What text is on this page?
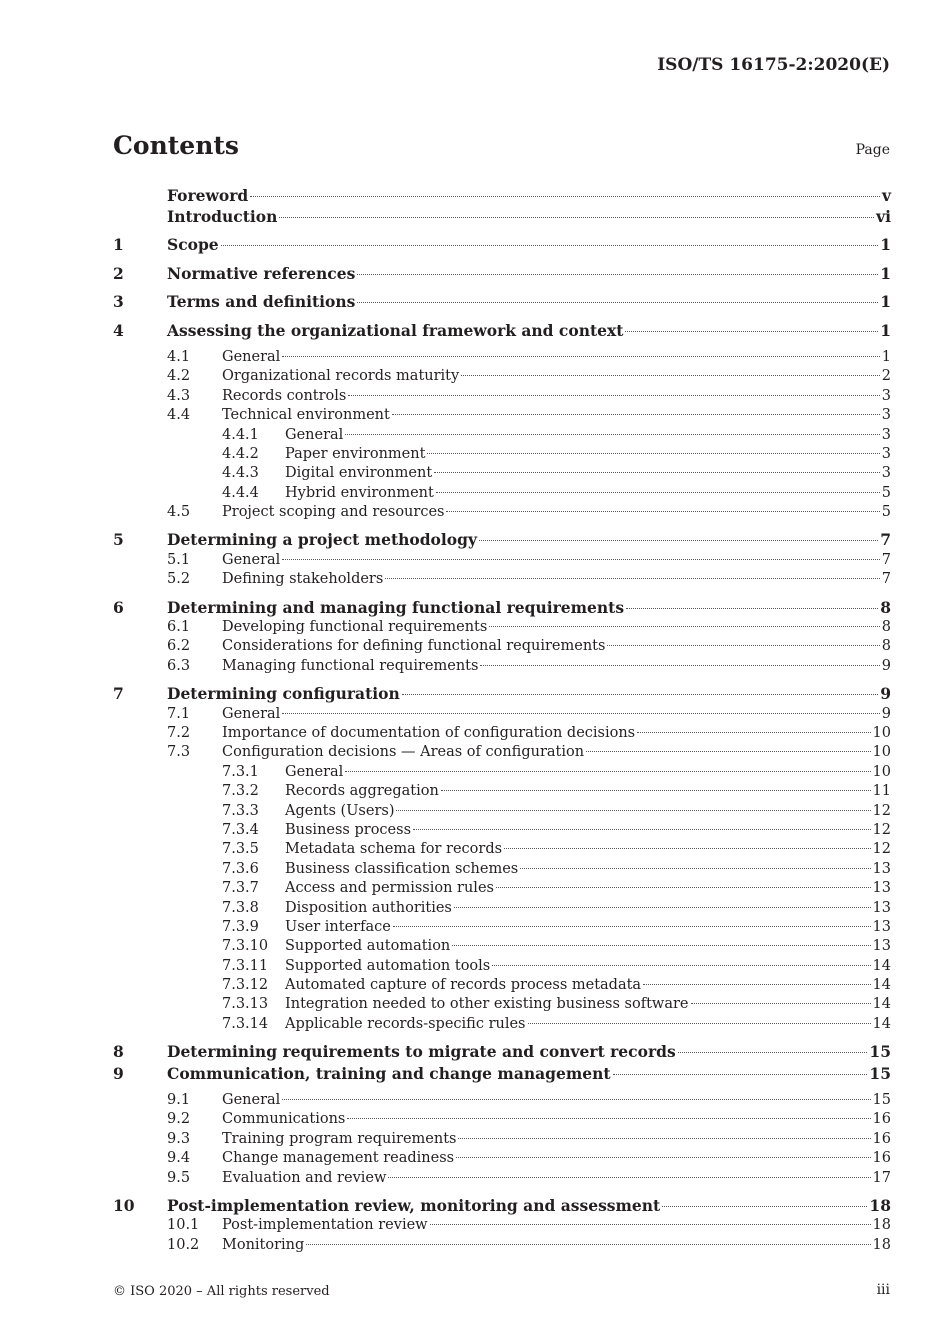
ISO/TS 16175-2:2020(E)
Contents	Page
Foreword	v
Introduction	vi
1	Scope	1
2	Normative references	1
3	Terms and definitions	1
4	Assessing the organizational framework and context	1
4.1	General	1
4.2	Organizational records maturity	2
4.3	Records controls	3
4.4	Technical environment	3
4.4.1	General	3
4.4.2	Paper environment	3
4.4.3	Digital environment	3
4.4.4	Hybrid environment	5
4.5	Project scoping and resources	5
5	Determining a project methodology	7
5.1	General	7
5.2	Defining stakeholders	7
6	Determining and managing functional requirements	8
6.1	Developing functional requirements	8
6.2	Considerations for defining functional requirements	8
6.3	Managing functional requirements	9
7	Determining configuration	9
7.1	General	9
7.2	Importance of documentation of configuration decisions	10
7.3	Configuration decisions — Areas of configuration	10
7.3.1	General	10
7.3.2	Records aggregation	11
7.3.3	Agents (Users)	12
7.3.4	Business process	12
7.3.5	Metadata schema for records	12
7.3.6	Business classification schemes	13
7.3.7	Access and permission rules	13
7.3.8	Disposition authorities	13
7.3.9	User interface	13
7.3.10	Supported automation	13
7.3.11	Supported automation tools	14
7.3.12	Automated capture of records process metadata	14
7.3.13	Integration needed to other existing business software	14
7.3.14	Applicable records-specific rules	14
8	Determining requirements to migrate and convert records	15
9	Communication, training and change management	15
9.1	General	15
9.2	Communications	16
9.3	Training program requirements	16
9.4	Change management readiness	16
9.5	Evaluation and review	17
10	Post-implementation review, monitoring and assessment	18
10.1	Post-implementation review	18
10.2	Monitoring	18
© ISO 2020 – All rights reserved	iii
